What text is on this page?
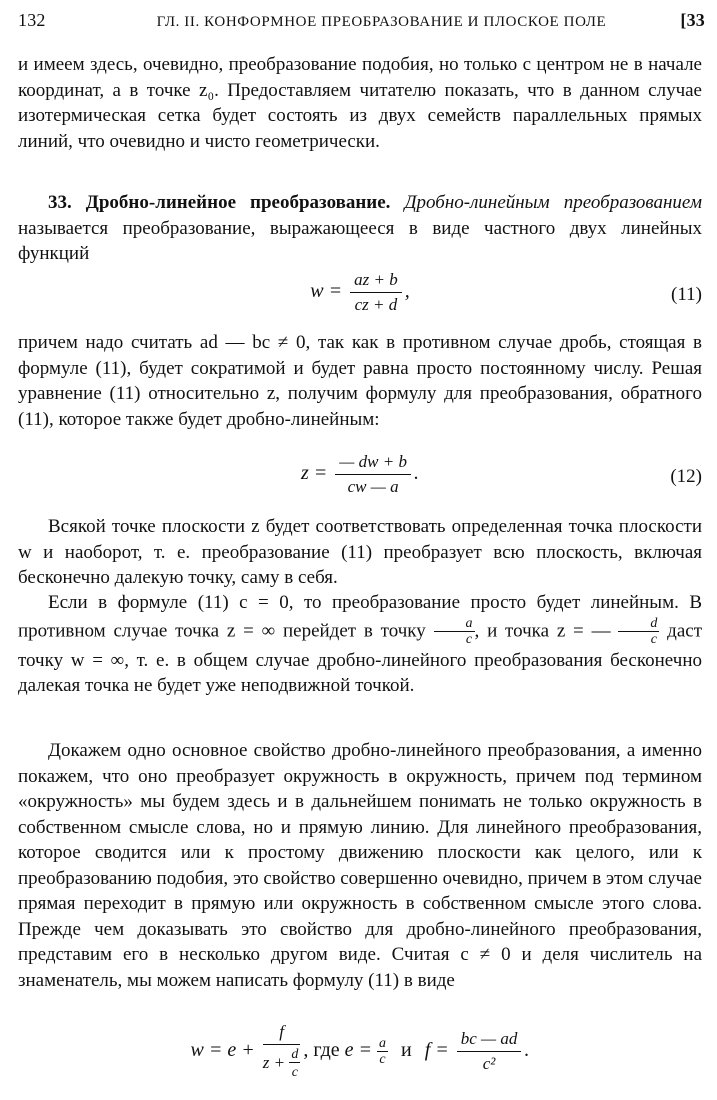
132	ГЛ. II. КОНФОРМНОЕ ПРЕОБРАЗОВАНИЕ И ПЛОСКОЕ ПОЛЕ	[33

и имеем здесь, очевидно, преобразование подобия, но только с центром не в начале координат, а в точке z₀. Предоставляем читателю показать, что в данном случае изотермическая сетка будет состоять из двух семейств параллельных прямых линий, что очевидно и чисто геометрически.

33. Дробно-линейное преобразование. Дробно-линейным преобразованием называется преобразование, выражающееся в виде частного двух линейных функций

$w = \frac{az + b}{cz + d}$ ,	(11)

причем надо считать ad — bc ≠ 0, так как в противном случае дробь, стоящая в формуле (11), будет сократимой и будет равна просто постоянному числу. Решая уравнение (11) относительно z, получим формулу для преобразования, обратного (11), которое также будет дробно-линейным:

$z = \frac{— dw + b}{cw — a}$ .	(12)

Всякой точке плоскости z будет соответствовать определенная точка плоскости w и наоборот, т. е. преобразование (11) преобразует всю плоскость, включая бесконечно далекую точку, саму в себя.

Если в формуле (11) c = 0, то преобразование просто будет линейным. В противном случае точка z = ∞ перейдет в точку $\frac{a}{c}$ , и точка z = — $\frac{d}{c}$ даст точку w = ∞, т. е. в общем случае дробно-линейного преобразования бесконечно далекая точка не будет уже неподвижной точкой.

Докажем одно основное свойство дробно-линейного преобразования, а именно покажем, что оно преобразует окружность в окружность, причем под термином «окружность» мы будем здесь и в дальнейшем понимать не только окружность в собственном смысле слова, но и прямую линию. Для линейного преобразования, которое сводится или к простому движению плоскости как целого, или к преобразованию подобия, это свойство совершенно очевидно, причем в этом случае прямая переходит в прямую или окружность в собственном смысле этого слова. Прежде чем доказывать это свойство для дробно-линейного преобразования, представим его в несколько другом виде. Считая c ≠ 0 и деля числитель на знаменатель, мы можем написать формулу (11) в виде

$w = e + \frac{f}{z + \frac{d}{c}}$ , где $e = \frac{a}{c}$ и $f = \frac{bc — ad}{\text{c²}}$ .
